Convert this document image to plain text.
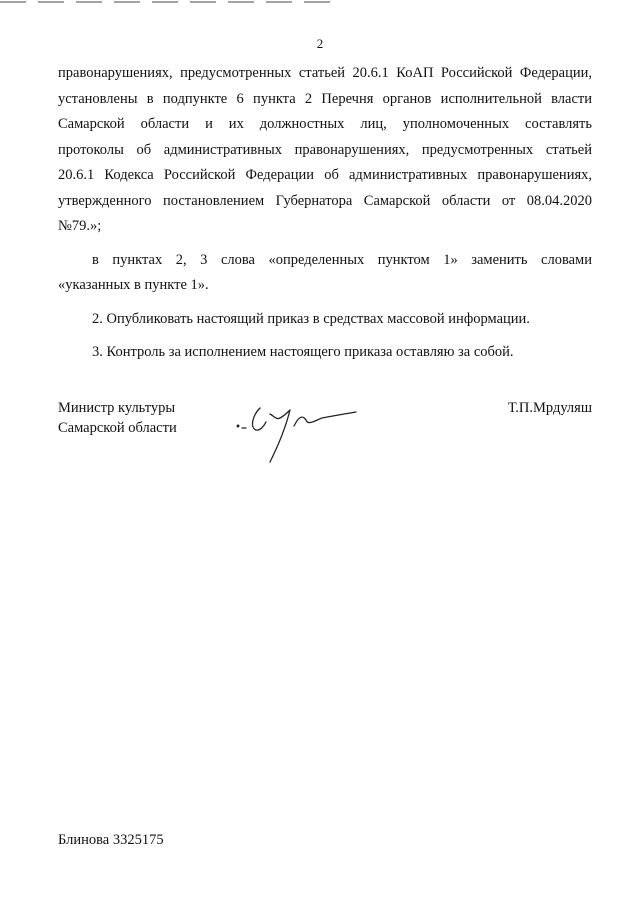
2
правонарушениях, предусмотренных статьей 20.6.1 КоАП Российской Федерации,
установлены в подпункте 6 пункта 2 Перечня органов исполнительной власти
Самарской области и их должностных лиц, уполномоченных составлять
протоколы об административных правонарушениях, предусмотренных статьей
20.6.1 Кодекса Российской Федерации об административных правонарушениях,
утвержденного постановлением Губернатора Самарской области от 08.04.2020
№79.»;
в пунктах 2, 3 слова «определенных пунктом 1» заменить словами
«указанных в пункте 1».
2. Опубликовать настоящий приказ в средствах массовой информации.
3. Контроль за исполнением настоящего приказа оставляю за собой.
Министр культуры
Самарской области
Т.П.Мрдуляш
Блинова 3325175
